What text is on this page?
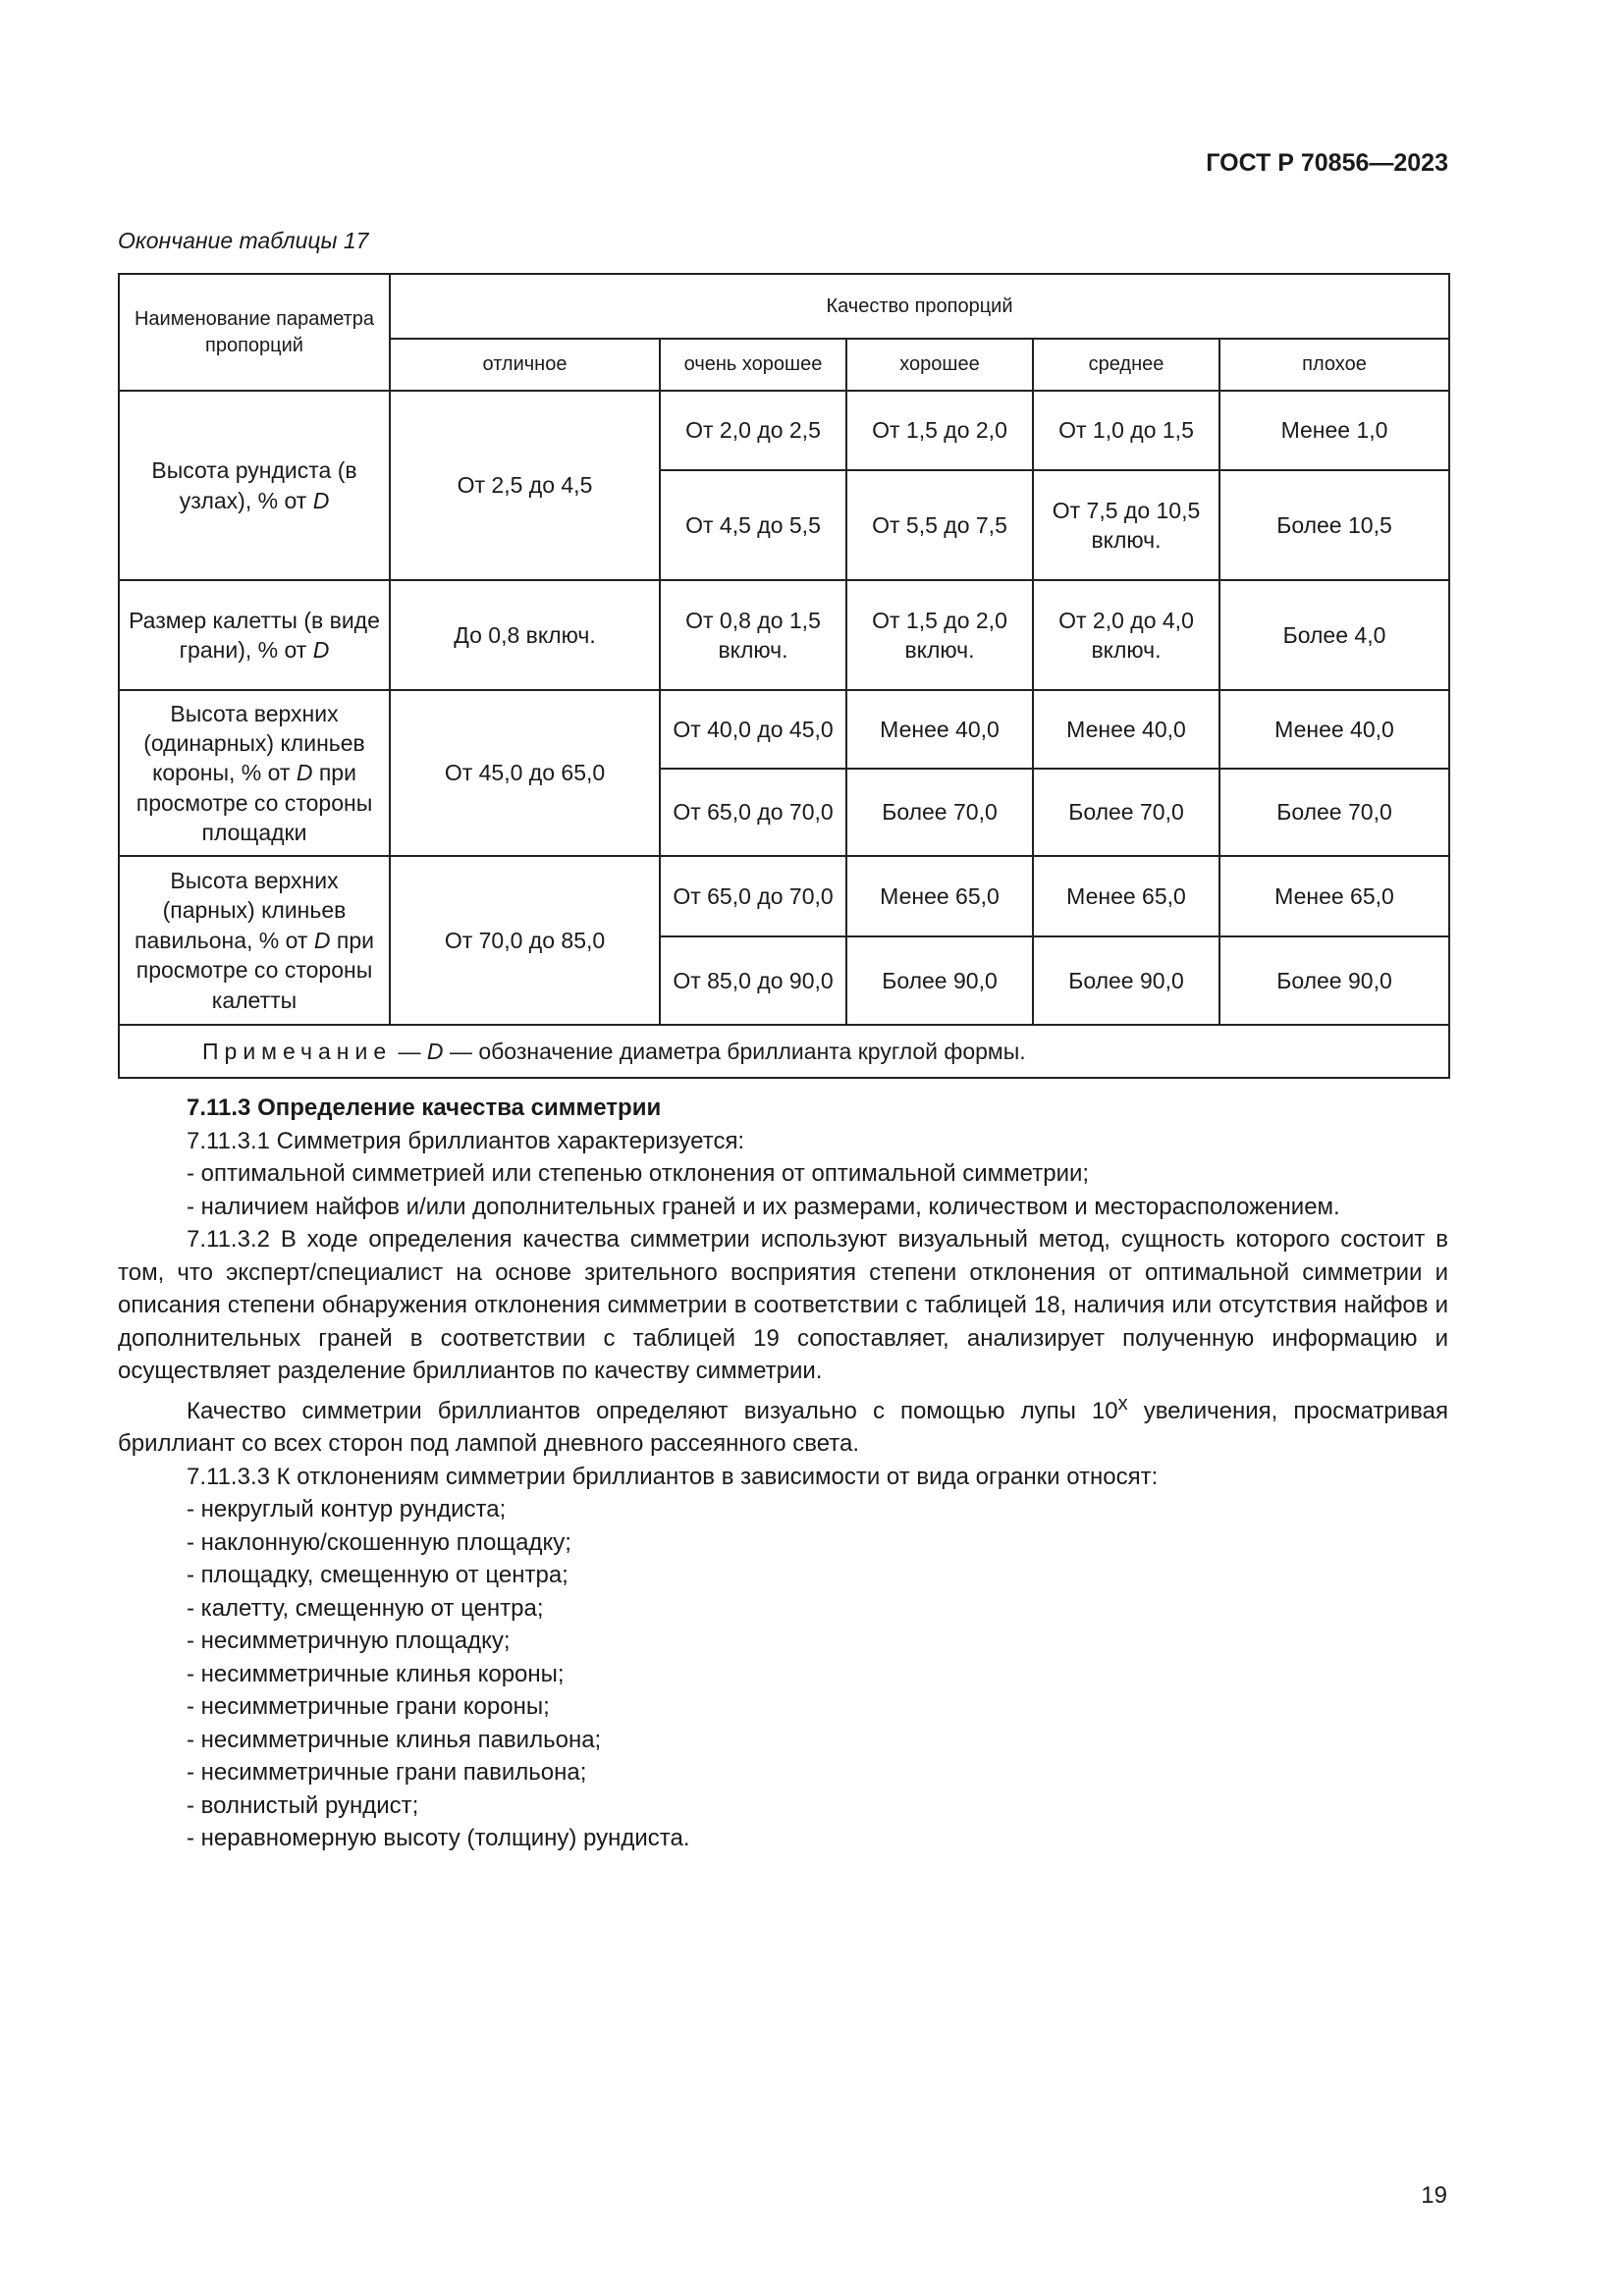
ГОСТ Р 70856—2023
Окончание таблицы 17
Наименование параметра пропорций	Качество пропорций				
	отличное	очень хорошее	хорошее	среднее	плохое
Высота рундиста (в узлах), % от D	От 2,5 до 4,5	От 2,0 до 2,5	От 1,5 до 2,0	От 1,0 до 1,5	Менее 1,0
		От 4,5 до 5,5	От 5,5 до 7,5	От 7,5 до 10,5 включ.	Более 10,5
Размер калетты (в виде грани), % от D	До 0,8 включ.	От 0,8 до 1,5 включ.	От 1,5 до 2,0 включ.	От 2,0 до 4,0 включ.	Более 4,0
Высота верхних (одинарных) клиньев короны, % от D при просмотре со стороны площадки	От 45,0 до 65,0	От 40,0 до 45,0	Менее 40,0	Менее 40,0	Менее 40,0
		От 65,0 до 70,0	Более 70,0	Более 70,0	Более 70,0
Высота верхних (парных) клиньев павильона, % от D при просмотре со стороны калетты	От 70,0 до 85,0	От 65,0 до 70,0	Менее 65,0	Менее 65,0	Менее 65,0
		От 85,0 до 90,0	Более 90,0	Более 90,0	Более 90,0
Примечание — D — обозначение диаметра бриллианта круглой формы.					

7.11.3 Определение качества симметрии

7.11.3.1 Симметрия бриллиантов характеризуется:

- оптимальной симметрией или степенью отклонения от оптимальной симметрии;

- наличием найфов и/или дополнительных граней и их размерами, количеством и месторасположением.

7.11.3.2 В ходе определения качества симметрии используют визуальный метод, сущность которого состоит в том, что эксперт/специалист на основе зрительного восприятия степени отклонения от оптимальной симметрии и описания степени обнаружения отклонения симметрии в соответствии с таблицей 18, наличия или отсутствия найфов и дополнительных граней в соответствии с таблицей 19 сопоставляет, анализирует полученную информацию и осуществляет разделение бриллиантов по качеству симметрии.

Качество симметрии бриллиантов определяют визуально с помощью лупы $10^х$ увеличения, просматривая бриллиант со всех сторон под лампой дневного рассеянного света.

7.11.3.3 К отклонениям симметрии бриллиантов в зависимости от вида огранки относят:

- некруглый контур рундиста;

- наклонную/скошенную площадку;

- площадку, смещенную от центра;

- калетту, смещенную от центра;

- несимметричную площадку;

- несимметричные клинья короны;

- несимметричные грани короны;

- несимметричные клинья павильона;

- несимметричные грани павильона;

- волнистый рундист;

- неравномерную высоту (толщину) рундиста.

19
